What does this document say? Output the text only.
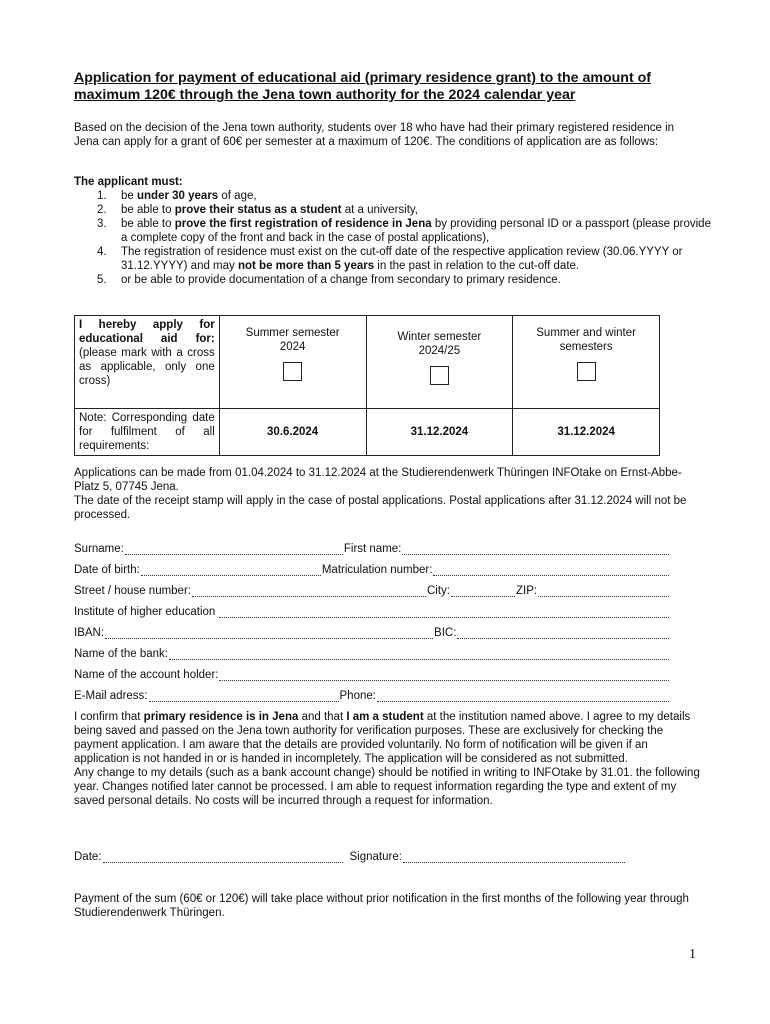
Application for payment of educational aid (primary residence grant) to the amount of maximum 120€ through the Jena town authority for the 2024 calendar year
Based on the decision of the Jena town authority, students over 18 who have had their primary registered residence in Jena can apply for a grant of 60€ per semester at a maximum of 120€. The conditions of application are as follows:
The applicant must:
1. be under 30 years of age,
2. be able to prove their status as a student at a university,
3. be able to prove the first registration of residence in Jena by providing personal ID or a passport (please provide a complete copy of the front and back in the case of postal applications),
4. The registration of residence must exist on the cut-off date of the respective application review (30.06.YYYY or 31.12.YYYY) and may not be more than 5 years in the past in relation to the cut-off date.
5. or be able to provide documentation of a change from secondary to primary residence.
I hereby apply for educational aid for: (please mark with a cross as applicable, only one cross)	Summer semester 2024	Winter semester 2024/25	Summer and winter semesters

Note: Corresponding date for fulfilment of all requirements:	30.6.2024	31.12.2024	31.12.2024
Applications can be made from 01.04.2024 to 31.12.2024 at the Studierendenwerk Thüringen INFOtake on Ernst-Abbe-Platz 5, 07745 Jena.
The date of the receipt stamp will apply in the case of postal applications. Postal applications after 31.12.2024 will not be processed.
Surname:	First name:
Date of birth:	Matriculation number:
Street / house number:	City:	ZIP:
Institute of higher education
IBAN:	BIC:
Name of the bank:
Name of the account holder:
E-Mail adress:	Phone:
I confirm that primary residence is in Jena and that I am a student at the institution named above. I agree to my details being saved and passed on the Jena town authority for verification purposes. These are exclusively for checking the payment application. I am aware that the details are provided voluntarily. No form of notification will be given if an application is not handed in or is handed in incompletely. The application will be considered as not submitted.
Any change to my details (such as a bank account change) should be notified in writing to INFOtake by 31.01. the following year. Changes notified later cannot be processed. I am able to request information regarding the type and extent of my saved personal details. No costs will be incurred through a request for information.
Date:	Signature:
Payment of the sum (60€ or 120€) will take place without prior notification in the first months of the following year through Studierendenwerk Thüringen.
1
